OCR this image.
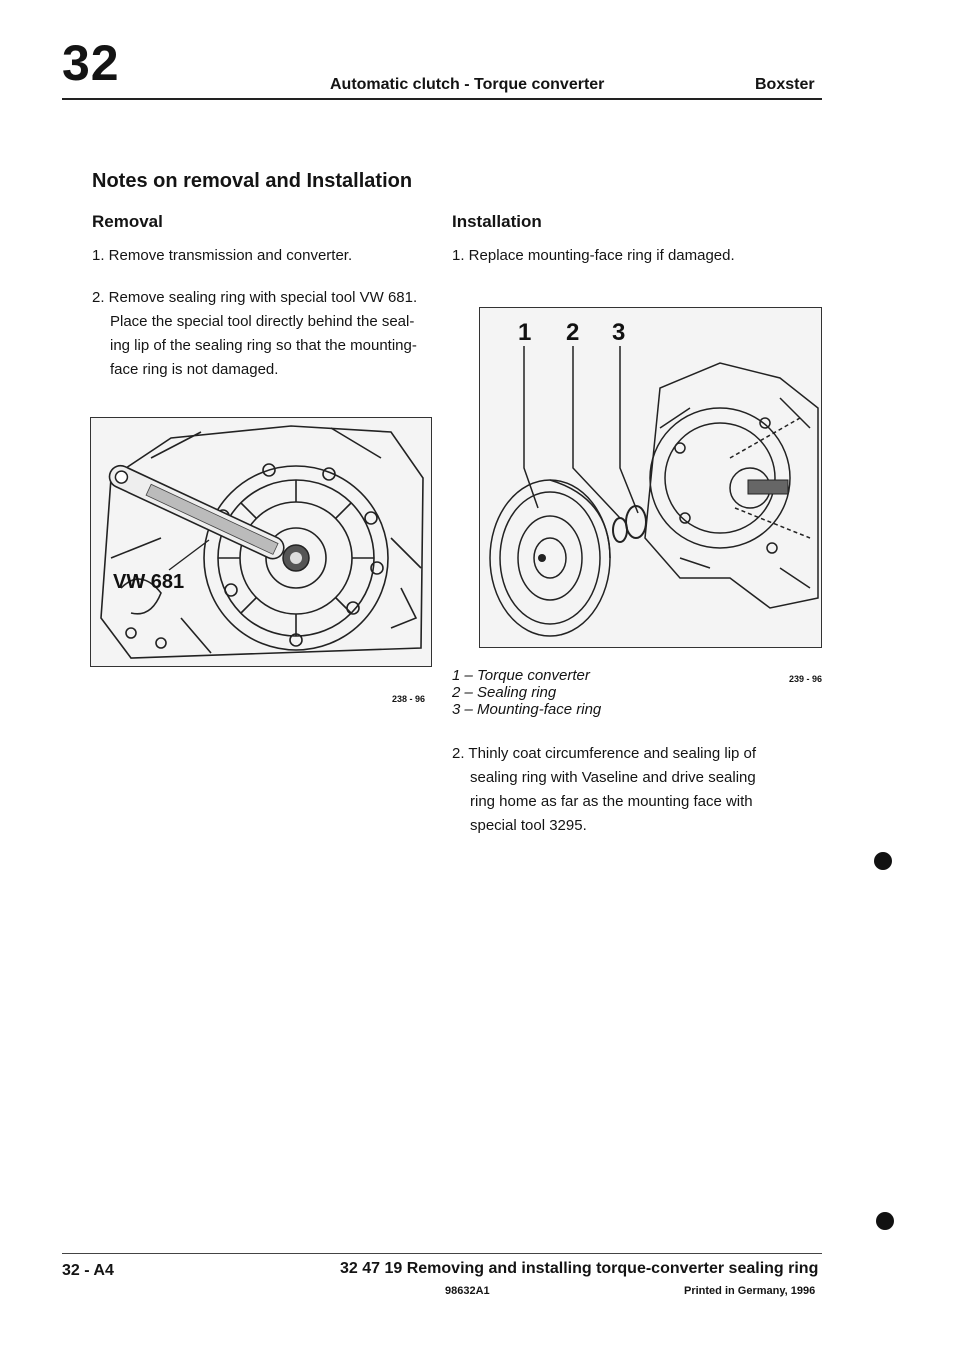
32	Automatic clutch - Torque converter	Boxster
Notes on removal and Installation
Removal
1. Remove transmission and converter.
2. Remove sealing ring with special tool VW 681.
Place the special tool directly behind the seal-
ing lip of the sealing ring so that the mounting-
face ring is not damaged.
VW 681
238 - 96
Installation
1. Replace mounting-face ring if damaged.
1 2 3
1 – Torque converter
2 – Sealing ring
3 – Mounting-face ring
239 - 96
2. Thinly coat circumference and sealing lip of
sealing ring with Vaseline and drive sealing
ring home as far as the mounting face with
special tool 3295.
32 - A4	32 47 19 Removing and installing torque-converter sealing ring
98632A1	Printed in Germany, 1996
